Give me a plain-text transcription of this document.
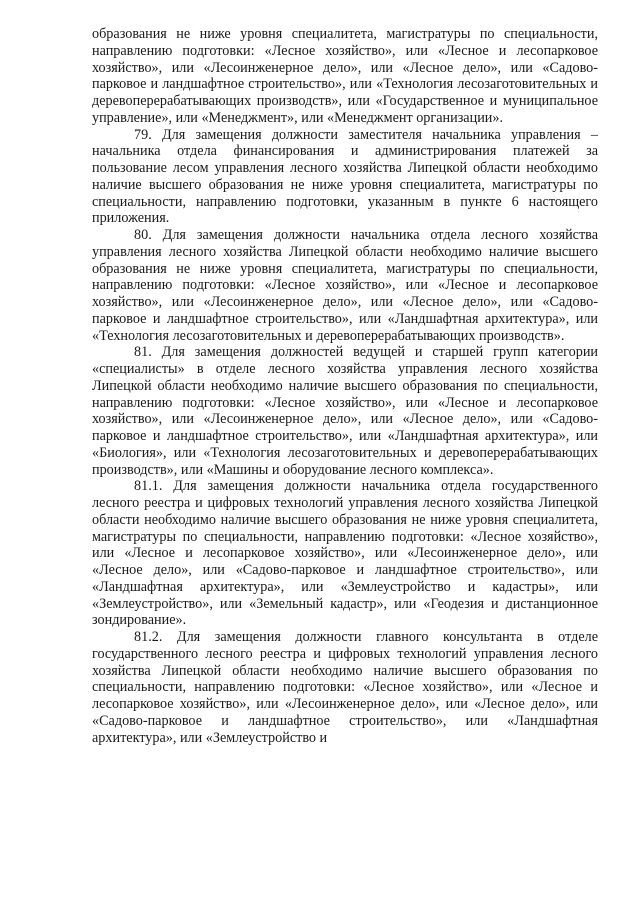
образования не ниже уровня специалитета, магистратуры по специальности, направлению подготовки: «Лесное хозяйство», или «Лесное и лесопарковое хозяйство», или «Лесоинженерное дело», или «Лесное дело», или «Садово-парковое и ландшафтное строительство», или «Технология лесозаготовительных и деревоперерабатывающих производств», или «Государственное и муниципальное управление», или «Менеджмент», или «Менеджмент организации».

79. Для замещения должности заместителя начальника управления – начальника отдела финансирования и администрирования платежей за пользование лесом управления лесного хозяйства Липецкой области необходимо наличие высшего образования не ниже уровня специалитета, магистратуры по специальности, направлению подготовки, указанным в пункте 6 настоящего приложения.

80. Для замещения должности начальника отдела лесного хозяйства управления лесного хозяйства Липецкой области необходимо наличие высшего образования не ниже уровня специалитета, магистратуры по специальности, направлению подготовки: «Лесное хозяйство», или «Лесное и лесопарковое хозяйство», или «Лесоинженерное дело», или «Лесное дело», или «Садово-парковое и ландшафтное строительство», или «Ландшафтная архитектура», или «Технология лесозаготовительных и деревоперерабатывающих производств».

81. Для замещения должностей ведущей и старшей групп категории «специалисты» в отделе лесного хозяйства управления лесного хозяйства Липецкой области необходимо наличие высшего образования по специальности, направлению подготовки: «Лесное хозяйство», или «Лесное и лесопарковое хозяйство», или «Лесоинженерное дело», или «Лесное дело», или «Садово-парковое и ландшафтное строительство», или «Ландшафтная архитектура», или «Биология», или «Технология лесозаготовительных и деревоперерабатывающих производств», или «Машины и оборудование лесного комплекса».

81.1. Для замещения должности начальника отдела государственного лесного реестра и цифровых технологий управления лесного хозяйства Липецкой области необходимо наличие высшего образования не ниже уровня специалитета, магистратуры по специальности, направлению подготовки: «Лесное хозяйство», или «Лесное и лесопарковое хозяйство», или «Лесоинженерное дело», или «Лесное дело», или «Садово-парковое и ландшафтное строительство», или «Ландшафтная архитектура», или «Землеустройство и кадастры», или «Землеустройство», или «Земельный кадастр», или «Геодезия и дистанционное зондирование».

81.2. Для замещения должности главного консультанта в отделе государственного лесного реестра и цифровых технологий управления лесного хозяйства Липецкой области необходимо наличие высшего образования по специальности, направлению подготовки: «Лесное хозяйство», или «Лесное и лесопарковое хозяйство», или «Лесоинженерное дело», или «Лесное дело», или «Садово-парковое и ландшафтное строительство», или «Ландшафтная архитектура», или «Землеустройство и
